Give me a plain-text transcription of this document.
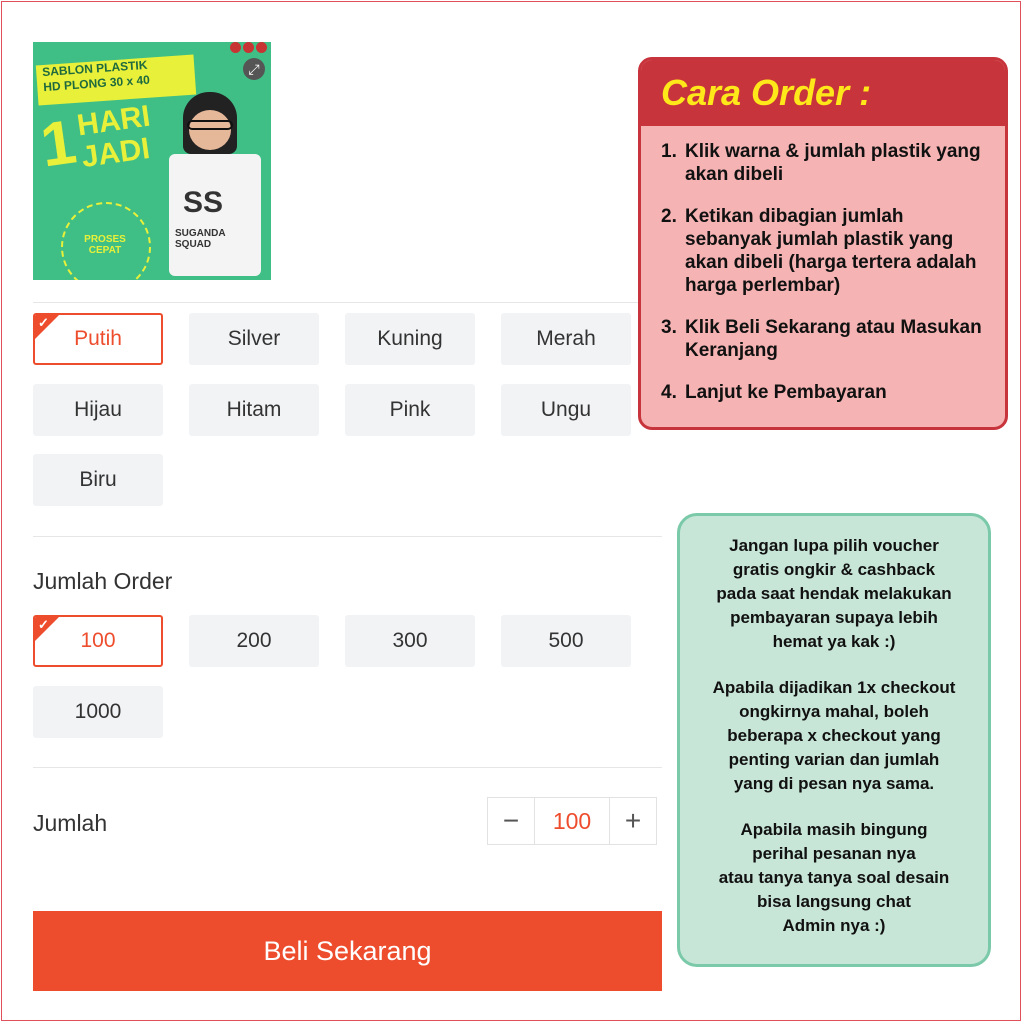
SABLON PLASTIK
HD PLONG 30 x 40
1
HARI
JADI
PROSES CEPAT
SS
SUGANDA SQUAD
⤢
✓
Putih	Silver	Kuning	Merah
Hijau	Hitam	Pink	Ungu
Biru
Jumlah Order
✓
100	200	300	500
1000
Jumlah	−	100	+
Beli Sekarang
Cara Order :
1. Klik warna & jumlah plastik yang akan dibeli
2. Ketikan dibagian jumlah sebanyak jumlah plastik yang akan dibeli (harga tertera adalah harga perlembar)
3. Klik Beli Sekarang atau Masukan Keranjang
4. Lanjut ke Pembayaran

Jangan lupa pilih voucher
gratis ongkir & cashback
pada saat hendak melakukan
pembayaran supaya lebih
hemat ya kak :)

Apabila dijadikan 1x checkout
ongkirnya mahal, boleh
beberapa x checkout yang
penting varian dan jumlah
yang di pesan nya sama.

Apabila masih bingung
perihal pesanan nya
atau tanya tanya soal desain
bisa langsung chat
Admin nya :)
